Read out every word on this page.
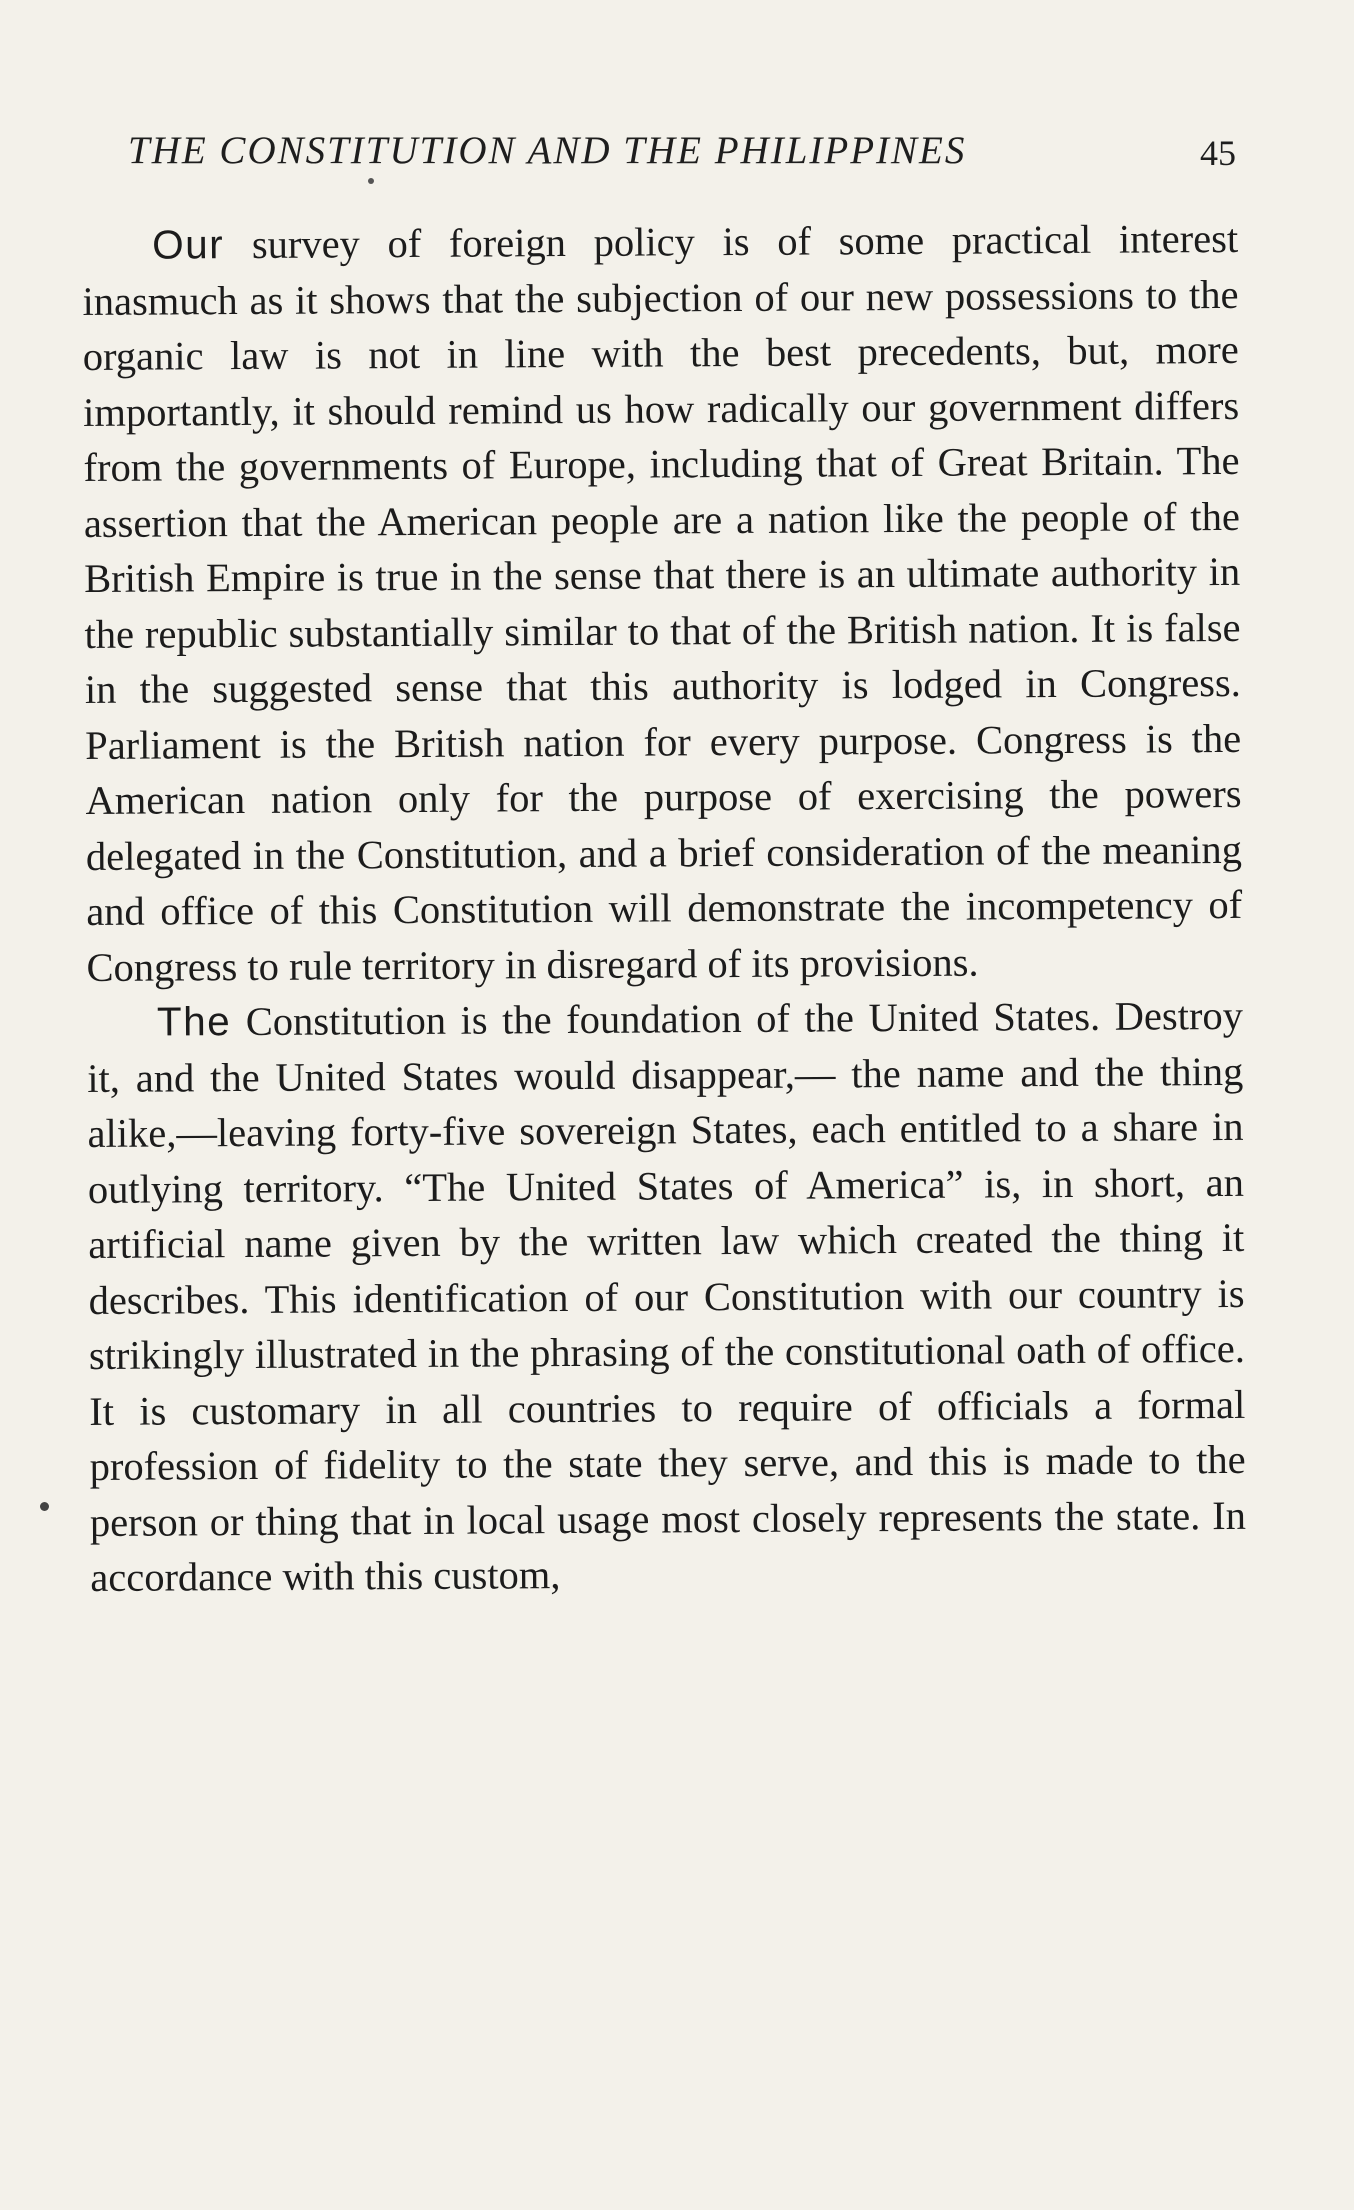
THE CONSTITUTION AND THE PHILIPPINES	45

Our survey of foreign policy is of some practical interest inasmuch as it shows that the subjection of our new possessions to the organic law is not in line with the best precedents, but, more importantly, it should remind us how radically our government differs from the governments of Europe, including that of Great Britain. The assertion that the American people are a nation like the people of the British Empire is true in the sense that there is an ultimate authority in the republic substantially similar to that of the British nation. It is false in the suggested sense that this authority is lodged in Congress. Parliament is the British nation for every purpose. Congress is the American nation only for the purpose of exercising the powers delegated in the Constitution, and a brief consideration of the meaning and office of this Constitution will demonstrate the incompetency of Congress to rule territory in disregard of its provisions.

The Constitution is the foundation of the United States. Destroy it, and the United States would disappear,— the name and the thing alike,—leaving forty-five sovereign States, each entitled to a share in outlying territory. “The United States of America” is, in short, an artificial name given by the written law which created the thing it describes. This identification of our Constitution with our country is strikingly illustrated in the phrasing of the constitutional oath of office. It is customary in all countries to require of officials a formal profession of fidelity to the state they serve, and this is made to the person or thing that in local usage most closely represents the state. In accordance with this custom,
